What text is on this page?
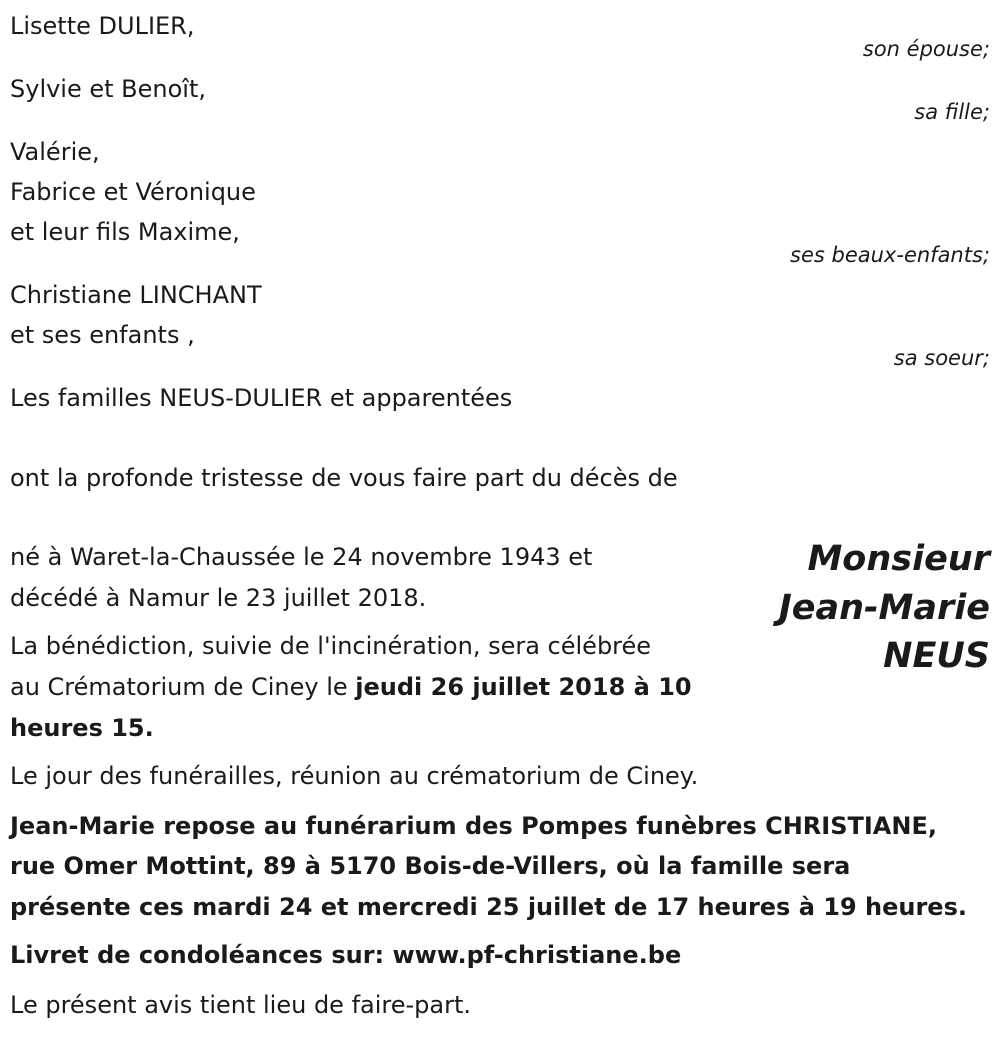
Lisette DULIER,

son épouse;

Sylvie et Benoît,

sa fille;

Valérie,

Fabrice et Véronique

et leur fils Maxime,

ses beaux-enfants;

Christiane LINCHANT

et ses enfants ,

sa soeur;

Les familles NEUS-DULIER et apparentées

ont la profonde tristesse de vous faire part du décès de

Monsieur

Jean-Marie

NEUS

né à Waret-la-Chaussée le 24 novembre 1943 et

décédé à Namur le 23 juillet 2018.

La bénédiction, suivie de l'incinération, sera célébrée

au Crématorium de Ciney le jeudi 26 juillet 2018 à 10

heures 15.

Le jour des funérailles, réunion au crématorium de Ciney.

Jean-Marie repose au funérarium des Pompes funèbres CHRISTIANE,

rue Omer Mottint, 89 à 5170 Bois-de-Villers, où la famille sera

présente ces mardi 24 et mercredi 25 juillet de 17 heures à 19 heures.

Livret de condoléances sur: www.pf-christiane.be

Le présent avis tient lieu de faire-part.
